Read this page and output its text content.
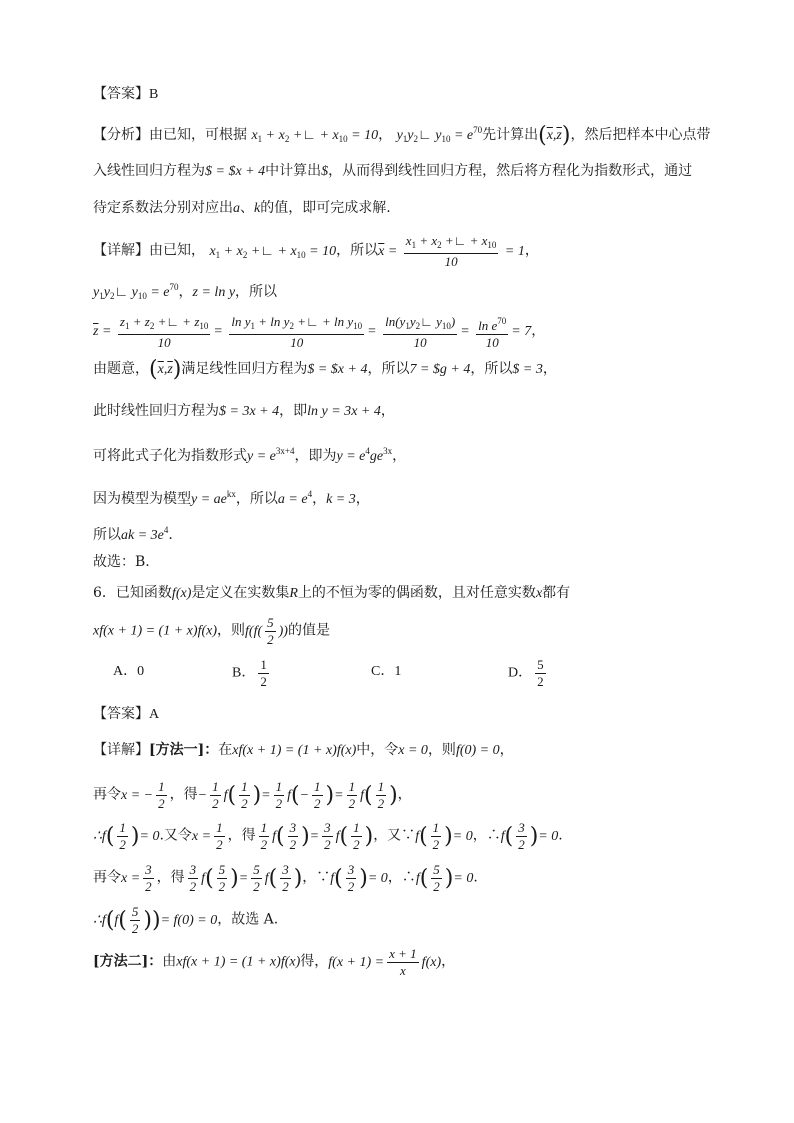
【答案】B
【分析】由已知，可根据 $x_1 + x_2$ +∟ + $x_{10} = 10$， $y_1y_2∟$ $y_{10} = e^{70}$先计算出$(\overline{x},\overline{z})$，然后把样本中心点带
入线性回归方程为$ = $x + 4中计算出$，从而得到线性回归方程，然后将方程化为指数形式，通过
待定系数法分别对应出a、k的值，即可完成求解.
【详解】由已知， $x_1 + x_2$ +∟ + $x_{10} = 10$，所以$\overline{x} = \frac{x_1 + x_2 +∟ + x_{10}}{10} = 1$，
$y_1y_2∟$ $y_{10} = e^{70}$，z = ln y，所以
$\overline{z} = \frac{z_1 + z_2 +∟ + z_{10}}{10} = \frac{\ln y_1 + \ln y_2 +∟ + \ln y_{10}}{10} = \frac{\ln(y_1y_2∟ y_{10})}{10} = \frac{\ln e^{70}}{10} = 7$，
由题意，$(\overline{x},\overline{z})$满足线性回归方程为$ = $x + 4，所以7 = $g + 4，所以$ = 3，
此时线性回归方程为$ = 3x + 4，即ln y = 3x + 4，
可将此式子化为指数形式$y = e^{3x+4}$，即为$y = e^4ge^{3x}$，
因为模型为模型$y = ae^{kx}$，所以$a = e^4$，k = 3，
所以ak = $3e^4$.
故选：B.
6．已知函数f(x)是定义在实数集R上的不恒为零的偶函数，且对任意实数x都有
xf(x + 1) = (1 + x)f(x)，则$f(f( \frac{5}{2}$ ))的值是
A．0	B． $\frac{1}{2}$	C．1	D． $\frac{5}{2}$
【答案】A
【详解】[方法一]：在xf(x + 1) = (1 + x)f(x)中，令x = 0，则f(0) = 0，
再令x = − $\frac{1}{2}$ ，得− $\frac{1}{2} f( \frac{1}{2}$ )= $\frac{1}{2} f(- \frac{1}{2}$ )= $\frac{1}{2} f( \frac{1}{2}$ )，
∴f( $\frac{1}{2}$ )= 0.又令$x = \frac{1}{2}$ ，得 $\frac{1}{2} f( \frac{3}{2}$ )= $\frac{3}{2} f( \frac{1}{2}$ )，又∵f( $\frac{1}{2}$ )= 0，∴f( $\frac{3}{2}$ )= 0.
再令$x = \frac{3}{2}$ ，得 $\frac{3}{2} f( \frac{5}{2}$ )= $\frac{5}{2} f( \frac{3}{2}$ )，∵f( $\frac{3}{2}$ )= 0，∴f( $\frac{5}{2}$ )= 0.
∴f(f( $\frac{5}{2}$ ))= f(0) = 0，故选 A.
[方法二]：由xf(x + 1) = (1 + x)f(x)得，$f(x + 1) = \frac{x + 1}{x} f(x)$，
